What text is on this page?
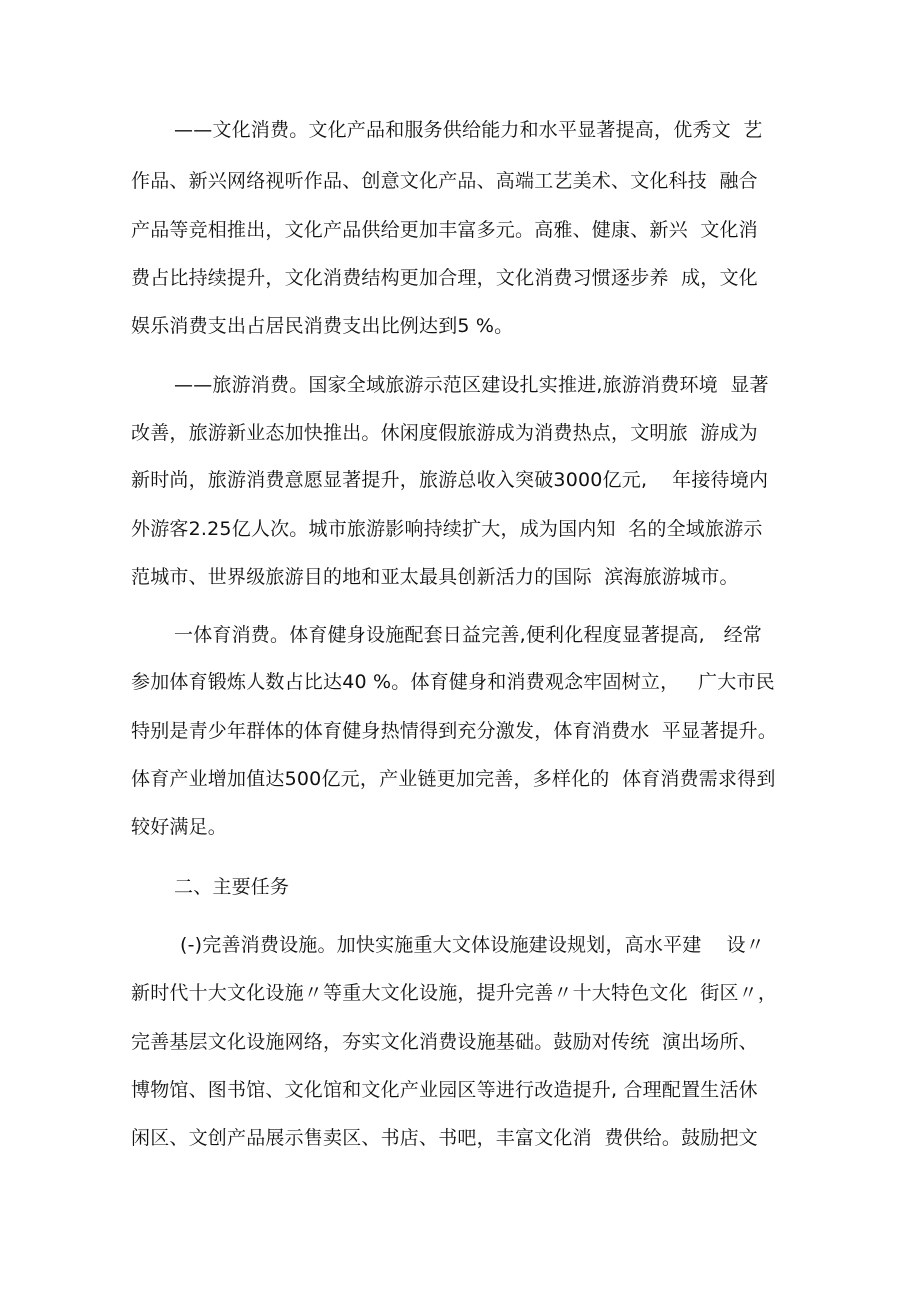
——文化消费。文化产品和服务供给能力和水平显著提高，优秀文  艺
作品、新兴网络视听作品、创意文化产品、高端工艺美术、文化科技  融合
产品等竞相推出，文化产品供给更加丰富多元。高雅、健康、新兴  文化消
费占比持续提升，文化消费结构更加合理，文化消费习惯逐步养  成，文化
娱乐消费支出占居民消费支出比例达到5 %。
——旅游消费。国家全域旅游示范区建设扎实推进,旅游消费环境  显著
改善，旅游新业态加快推出。休闲度假旅游成为消费热点，文明旅  游成为
新时尚，旅游消费意愿显著提升，旅游总收入突破3000亿元,    年接待境内
外游客2.25亿人次。城市旅游影响持续扩大，成为国内知  名的全域旅游示
范城市、世界级旅游目的地和亚太最具创新活力的国际  滨海旅游城市。
一体育消费。体育健身设施配套日益完善,便利化程度显著提高,   经常
参加体育锻炼人数占比达40 %。体育健身和消费观念牢固树立，   广大市民
特别是青少年群体的体育健身热情得到充分激发，体育消费水  平显著提升。
体育产业增加值达500亿元，产业链更加完善，多样化的  体育消费需求得到
较好满足。
二、主要任务
(-)完善消费设施。加快实施重大文体设施建设规划，高水平建    设〃
新时代十大文化设施〃等重大文化设施，提升完善〃十大特色文化  街区〃，
完善基层文化设施网络，夯实文化消费设施基础。鼓励对传统  演出场所、
博物馆、图书馆、文化馆和文化产业园区等进行改造提升, 合理配置生活休
闲区、文创产品展示售卖区、书店、书吧，丰富文化消  费供给。鼓励把文
